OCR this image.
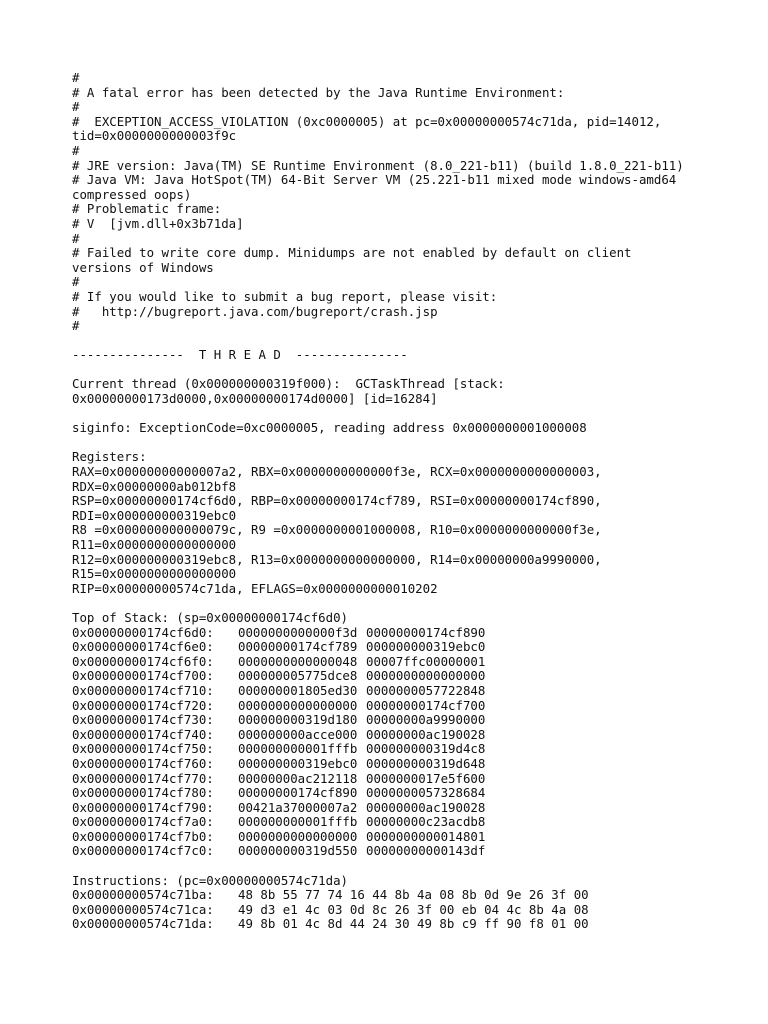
#
# A fatal error has been detected by the Java Runtime Environment:
#
#  EXCEPTION_ACCESS_VIOLATION (0xc0000005) at pc=0x00000000574c71da, pid=14012,
tid=0x0000000000003f9c
#
# JRE version: Java(TM) SE Runtime Environment (8.0_221-b11) (build 1.8.0_221-b11)
# Java VM: Java HotSpot(TM) 64-Bit Server VM (25.221-b11 mixed mode windows-amd64
compressed oops)
# Problematic frame:
# V  [jvm.dll+0x3b71da]
#
# Failed to write core dump. Minidumps are not enabled by default on client
versions of Windows
#
# If you would like to submit a bug report, please visit:
#   http://bugreport.java.com/bugreport/crash.jsp
#
---------------  T H R E A D  ---------------
Current thread (0x000000000319f000):  GCTaskThread [stack:
0x00000000173d0000,0x00000000174d0000] [id=16284]
siginfo: ExceptionCode=0xc0000005, reading address 0x0000000001000008
Registers:
RAX=0x00000000000007a2, RBX=0x0000000000000f3e, RCX=0x0000000000000003,
RDX=0x00000000ab012bf8
RSP=0x00000000174cf6d0, RBP=0x00000000174cf789, RSI=0x00000000174cf890,
RDI=0x000000000319ebc0
R8 =0x000000000000079c, R9 =0x0000000001000008, R10=0x0000000000000f3e,
R11=0x0000000000000000
R12=0x000000000319ebc8, R13=0x0000000000000000, R14=0x00000000a9990000,
R15=0x0000000000000000
RIP=0x00000000574c71da, EFLAGS=0x0000000000010202
Top of Stack: (sp=0x00000000174cf6d0)
0x00000000174cf6d0:	0000000000000f3d 00000000174cf890
0x00000000174cf6e0:	00000000174cf789 000000000319ebc0
0x00000000174cf6f0:	0000000000000048 00007ffc00000001
0x00000000174cf700:	000000005775dce8 0000000000000000
0x00000000174cf710:	000000001805ed30 0000000057722848
0x00000000174cf720:	0000000000000000 00000000174cf700
0x00000000174cf730:	000000000319d180 00000000a9990000
0x00000000174cf740:	000000000acce000 00000000ac190028
0x00000000174cf750:	000000000001fffb 000000000319d4c8
0x00000000174cf760:	000000000319ebc0 000000000319d648
0x00000000174cf770:	00000000ac212118 0000000017e5f600
0x00000000174cf780:	00000000174cf890 0000000057328684
0x00000000174cf790:	00421a37000007a2 00000000ac190028
0x00000000174cf7a0:	000000000001fffb 00000000c23acdb8
0x00000000174cf7b0:	0000000000000000 0000000000014801
0x00000000174cf7c0:	000000000319d550 00000000000143df
Instructions: (pc=0x00000000574c71da)
0x00000000574c71ba:	48 8b 55 77 74 16 44 8b 4a 08 8b 0d 9e 26 3f 00
0x00000000574c71ca:	49 d3 e1 4c 03 0d 8c 26 3f 00 eb 04 4c 8b 4a 08
0x00000000574c71da:	49 8b 01 4c 8d 44 24 30 49 8b c9 ff 90 f8 01 00
